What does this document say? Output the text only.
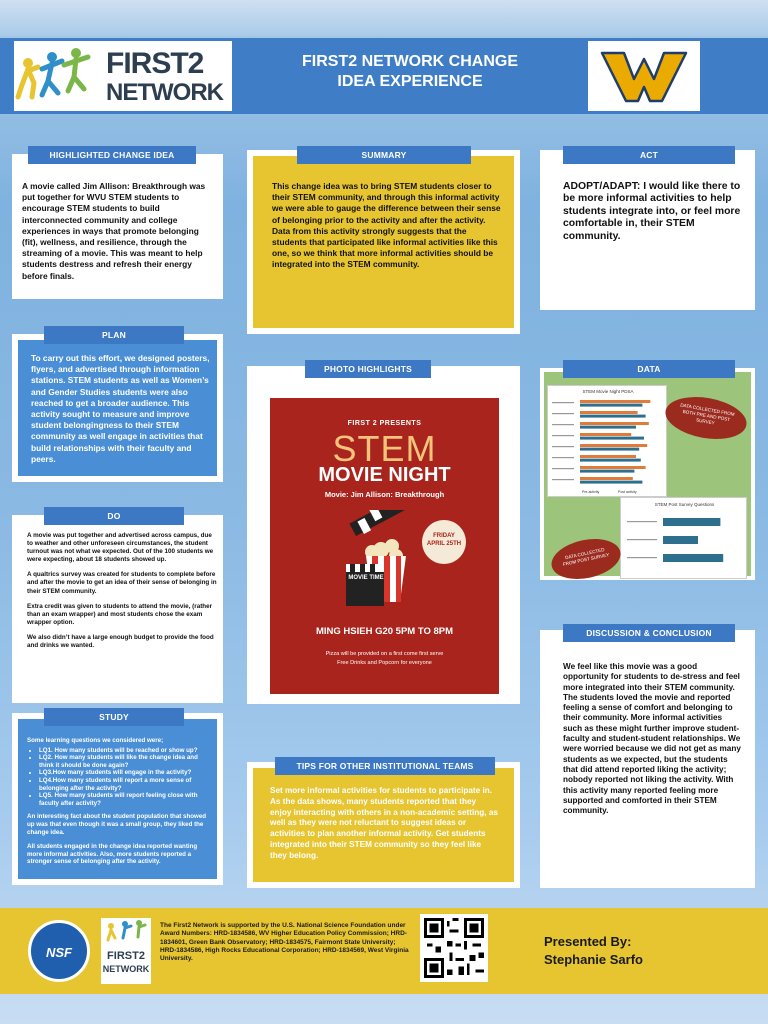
FIRST2
NETWORK
FIRST2 NETWORK CHANGE
IDEA EXPERIENCE
HIGHLIGHTED CHANGE IDEA
A movie called Jim Allison: Breakthrough was put together for WVU STEM students to encourage STEM students to build interconnected community and college experiences in ways that promote belonging (fit), wellness, and resilience, through the streaming of a movie. This was meant to help students destress and refresh their energy before finals.
SUMMARY
This change idea was to bring STEM students closer to their STEM community, and through this informal activity we were able to gauge the difference between their sense of belonging prior to the activity and after the activity. Data from this activity strongly suggests that the students that participated like informal activities like this one, so we think that more informal activities should be integrated into the STEM community.
ACT
ADOPT/ADAPT: I would like there to be more informal activities to help students integrate into, or feel more comfortable in, their STEM community.
PLAN
To carry out this effort, we designed posters, flyers, and advertised through information stations. STEM students as well as Women’s and Gender Studies students were also reached to get a broader audience. This activity sought to measure and improve student belongingness to their STEM community as well engage in activities that build relationships with their faculty and peers.
PHOTO HIGHLIGHTS
FIRST 2 PRESENTS
STEM
MOVIE NIGHT
Movie: Jim Allison: Breakthrough
FRIDAY APRIL 25TH
MOVIE TIME
MING HSIEH G20 5PM TO 8PM
Pizza will be provided on a first come first serve
Free Drinks and Popcorn for everyone
DATA
STEM Movie Night PDSA
Pre-activity	Post activity
DATA COLLECTED FROM BOTH PRE AND POST SURVEY
STEM Post Survey Questions
DATA COLLECTED FROM POST SURVEY
DO

A movie was put together and advertised across campus, due to weather and other unforeseen circumstances, the student turnout was not what we expected. Out of the 100 students we were expecting, about 18 students showed up.

A qualtrics survey was created for students to complete before and after the movie to get an idea of their sense of belonging in their STEM community.

Extra credit was given to students to attend the movie, (rather than an exam wrapper) and most students chose the exam wrapper option.

We also didn’t have a large enough budget to provide the food and drinks we wanted.

DISCUSSION & CONCLUSION
We feel like this movie was a good opportunity for students to de-stress and feel more integrated into their STEM community. The students loved the movie and reported feeling a sense of comfort and belonging to their community. More informal activities such as these might further improve student-faculty and student-student relationships. We were worried because we did not get as many students as we expected, but the students that did attend reported liking the activity; nobody reported not liking the activity. With this activity many reported feeling more supported and comforted in their STEM community.
STUDY
Some learning questions we considered were;
• LQ1. How many students will be reached or show up?
• LQ2. How many students will like the change idea and think it should be done again?
• LQ3.How many students will engage in the activity?
• LQ4.How many students will report a more sense of belonging after the activity?
• LQ5. How many students will report feeling close with faculty after activity?

An interesting fact about the student population that showed up was that even though it was a small group, they liked the change idea.

All students engaged in the change idea reported wanting more informal activities. Also, more students reported a stronger sense of belonging after the activity.

TIPS FOR OTHER INSTITUTIONAL TEAMS
Set more informal activities for students to participate in. As the data shows, many students reported that they enjoy interacting with others in a non-academic setting, as well as they were not reluctant to suggest ideas or activities to plan another informal activity. Get students integrated into their STEM community so they feel like they belong.
NSF	FIRST2
NETWORK
The First2 Network is supported by the U.S. National Science Foundation under Award Numbers: HRD-1834586, WV Higher Education Policy Commission; HRD-1834601, Green Bank Observatory; HRD-1834575, Fairmont State University; HRD-1834586, High Rocks Educational Corporation; HRD-1834569, West Virginia University.
Presented By:
Stephanie Sarfo
